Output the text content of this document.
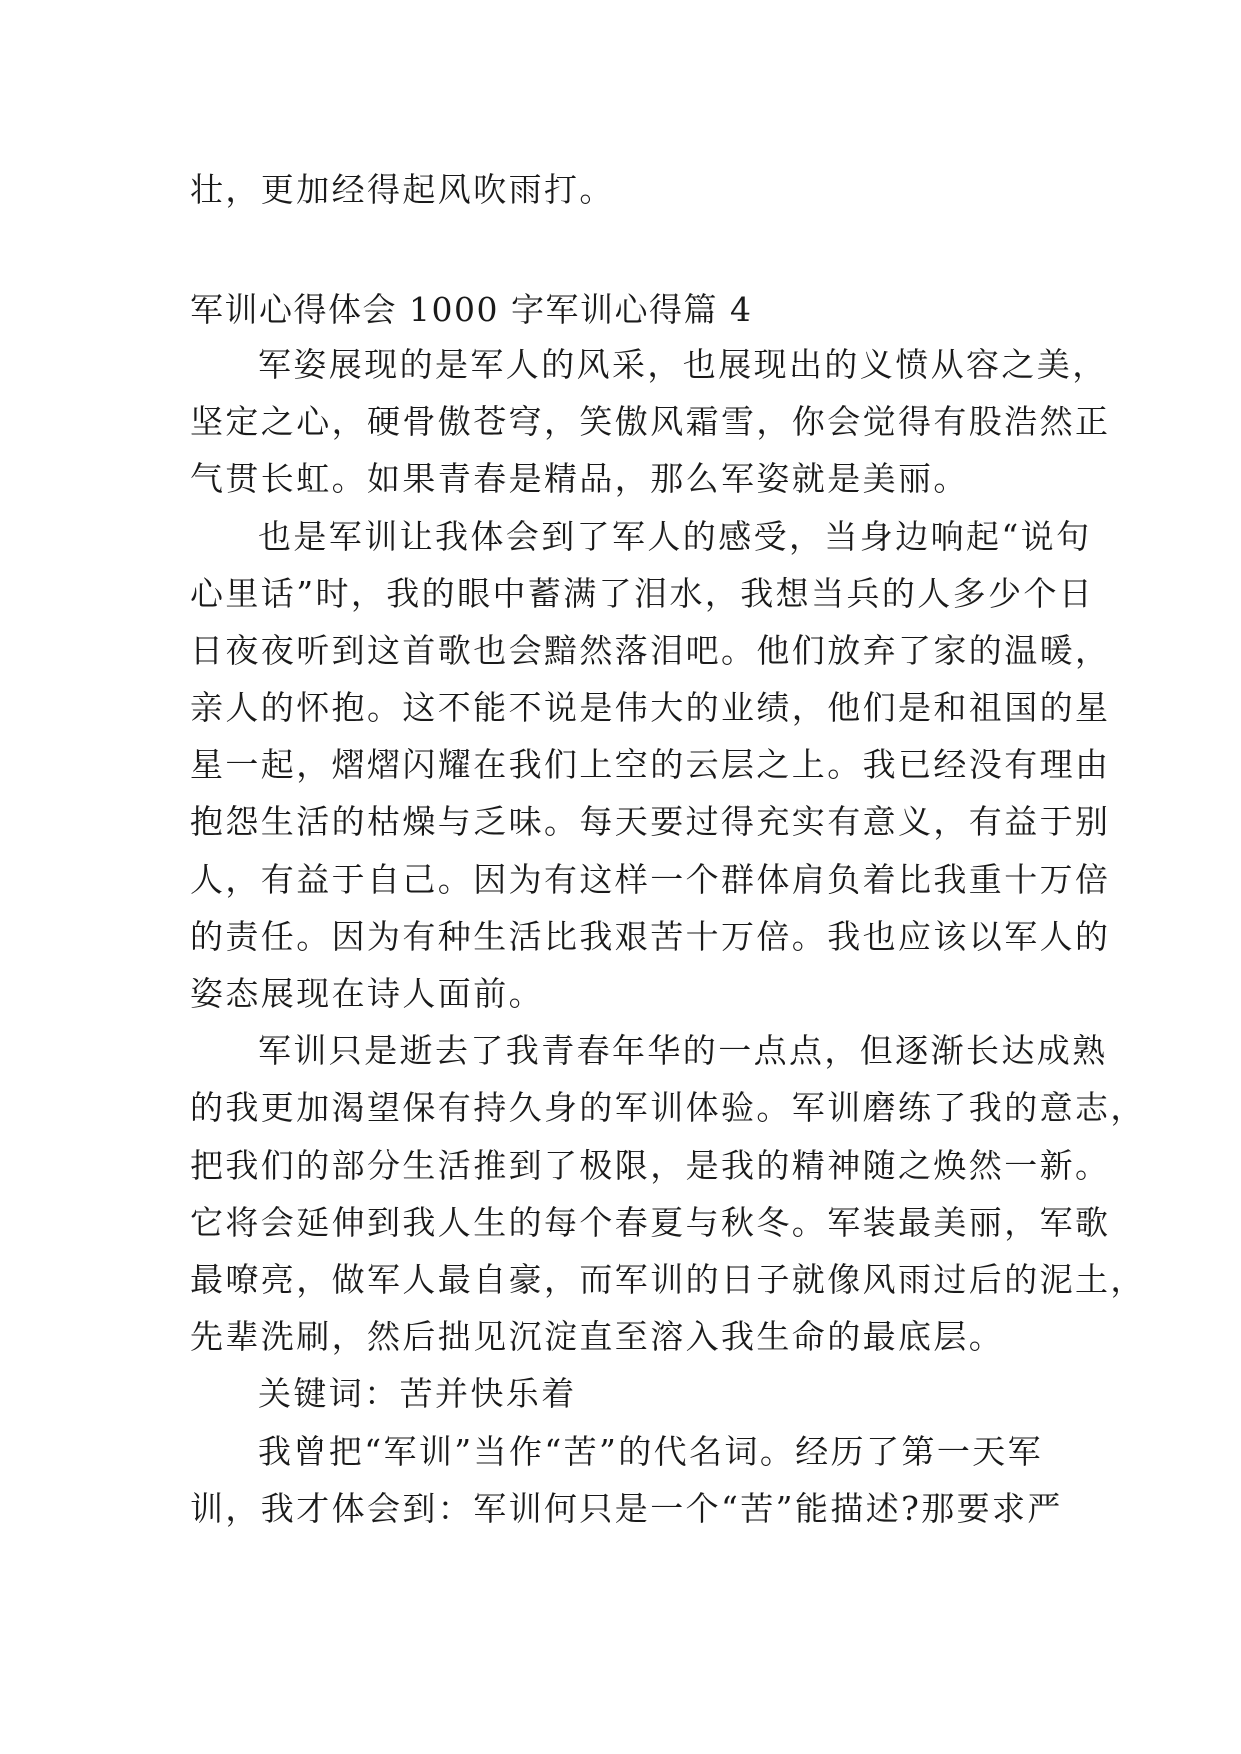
壮，更加经得起风吹雨打。
军训心得体会 1000 字军训心得篇 4
军姿展现的是军人的风采，也展现出的义愤从容之美，
坚定之心，硬骨傲苍穹，笑傲风霜雪，你会觉得有股浩然正
气贯长虹。如果青春是精品，那么军姿就是美丽。
也是军训让我体会到了军人的感受，当身边响起“说句
心里话”时，我的眼中蓄满了泪水，我想当兵的人多少个日
日夜夜听到这首歌也会黯然落泪吧。他们放弃了家的温暖，
亲人的怀抱。这不能不说是伟大的业绩，他们是和祖国的星
星一起，熠熠闪耀在我们上空的云层之上。我已经没有理由
抱怨生活的枯燥与乏味。每天要过得充实有意义，有益于别
人，有益于自己。因为有这样一个群体肩负着比我重十万倍
的责任。因为有种生活比我艰苦十万倍。我也应该以军人的
姿态展现在诗人面前。
军训只是逝去了我青春年华的一点点，但逐渐长达成熟
的我更加渴望保有持久身的军训体验。军训磨练了我的意志，
把我们的部分生活推到了极限，是我的精神随之焕然一新。
它将会延伸到我人生的每个春夏与秋冬。军装最美丽，军歌
最嘹亮，做军人最自豪，而军训的日子就像风雨过后的泥土，
先辈洗刷，然后拙见沉淀直至溶入我生命的最底层。
关键词：苦并快乐着
我曾把“军训”当作“苦”的代名词。经历了第一天军
训，我才体会到：军训何只是一个“苦”能描述?那要求严
